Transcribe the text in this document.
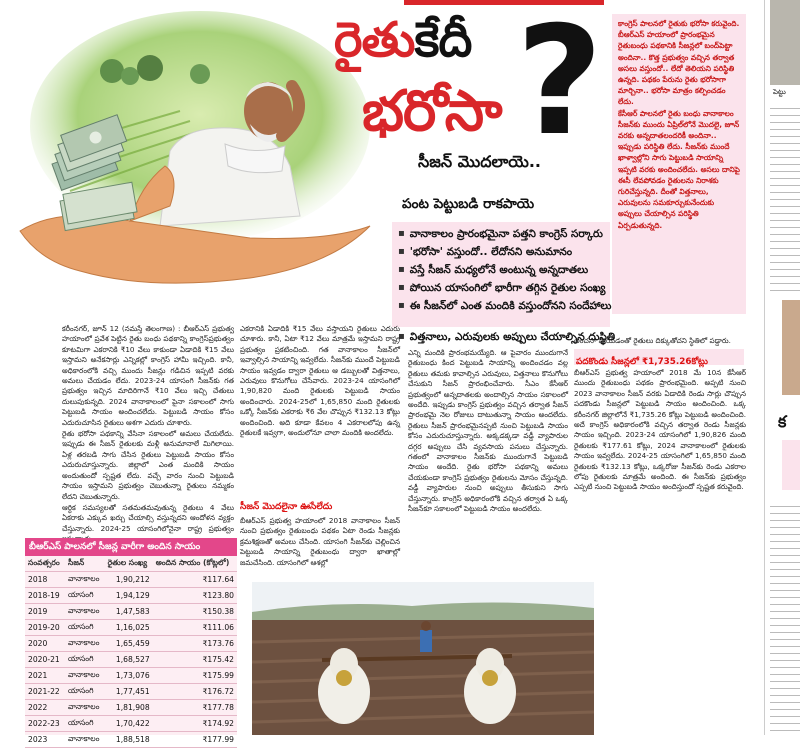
రైతుకేదీ
భరోసా ?
సీజన్ మొదలాయె..
పంట పెట్టుబడి రాకపాయె
▪ వానాకాలం ప్రారంభమైనా పత్తని కాంగ్రెస్ సర్కారు
▪ 'భరోసా' వస్తుందో.. లేదోనని అనుమానం
▪ వస్తే సీజన్ మధ్యలోనే అంటున్న అన్నదాతలు
▪ పోయిన యాసంగిలో భారీగా తగ్గిన రైతుల సంఖ్య
▪ ఈ సీజన్‌లో ఎంత మందికి వస్తుందోనని సందేహాలు
▪ విత్తనాలు, ఎరువులకు అప్పులు చేయాల్సిన దుస్థితి

కాంగ్రెస్ పాలనలో రైతుకు భరోసా కరువైంది. బీఆర్ఎస్ హయాంలో ప్రారంభమైన రైతుబంధు పథకానికి సీజన్లలో బంద్‌పెట్టా అందినా.. కొత్త ప్రభుత్వం వచ్చిన తర్వాత అసలు వస్తుందో.. లేదో తెలియని పరిస్థితి ఉన్నది. పథకం పేరును రైతు భరోసాగా మార్చినా.. భరోసా మాత్రం కల్పించడం లేదు.

కేసీఆర్ పాలనలో రైతు బంధు వానాకాలం సీజన్‌కు ముందు ఏప్రిల్‌లోనే మొదలై, జూన్ వరకు అన్నదాతలందరికీ అందినా.. ఇప్పుడు పరిస్థితి లేదు. సీజన్‌కు ముందే ఖాళ్వాల్లోని సాగు పెట్టుబడి సాయాన్ని ఇప్పటి వరకు అందించలేదు. అసలు దానిపై ఈసీ లేవపోవడం రైతులను నిరాశకు గురిచేస్తున్నది. దీంతో విత్తనాలు, ఎరువులను సమకూర్చుకునేందుకు అప్పులు చేయాల్సిన పరిస్థితి ఏర్పడుతున్నది.

కరీంనగర్, జూన్ 12 (నమస్తే తెలంగాణ) : బీఆర్ఎస్ ప్రభుత్వ హయాంలో ప్రవేశ పెట్టిన రైతు బంధు పథకాన్ని కాంగ్రెస్‌ప్రభుత్వం కూటమిగా ఎకరానికి ₹10 వేలు కాకుండా ఏడాదికి ₹15 వేలు ఇస్తామని అనేకసార్లు ఎన్నికల్లో కాంగ్రెస్ హామీ ఇచ్చింది. కానీ, అధికారంలోకి వచ్చి ముందు సీజన్లు గడిచిన ఇప్పటి వరకు అమలు చేయడం లేదు. 2023-24 యాసంగి సీజన్‌కు గత ప్రభుత్వం ఇచ్చిన మాదిరిగానే ₹10 వేలు ఇచ్చి చేతులు దులుపుకున్నది. 2024 వానాకాలంలో పైనా సకాలంలో సాగు పెట్టుబడి సాయం అందించలేదు. పెట్టుబడి సాయం కోసం ఎదురుచూసిన రైతులు ఆశగా ఎదురు చూశారు.

రైతు భరోసా పథకాన్ని వేసినా సకాలంలో అమలు చేయలేదు. ఇప్పుడు ఈ సీజన్ రైతులకు మళ్లీ అనుమానాలే మిగిలాయి. ఏళ్ల తరబడి సాగు చేసిన రైతులు పెట్టుబడి సాయం కోసం ఎదురుచూస్తున్నారు. జిల్లాలో ఎంత మందికి సాయం అందుతుందో స్పష్టత లేదు. వచ్చే వారం నుంచి పెట్టుబడి సాయం ఇస్తామని ప్రభుత్వం చెబుతున్నా రైతులు నమ్మకం లేదని చెబుతున్నారు.

ఆర్థిక సమస్యలతో సతమతమవుతున్న రైతులు 4 వేలు ఏకరాకు ఎక్కువ ఖర్చు చేయాల్సి వస్తున్నదని ఆందోళన వ్యక్తం చేస్తున్నారు. 2024-25 యాసంగిలోనైనా రాష్ట్ర ప్రభుత్వం

ఎకరానికి ఏడాదికి ₹15 వేలు వస్తాయని రైతులు ఎదురు చూశారు. కానీ, ఏటా ₹12 వేలు మాత్రమే ఇస్తామని రాష్ట్ర ప్రభుత్వం ప్రకటించింది. గత వానాకాలం సీజన్‌లో ఇవ్వాల్సిన సాయాన్ని ఇవ్వలేదు. సీజన్‌కు ముందే పెట్టుబడి సాయం ఇవ్వడం ద్వారా రైతులు ఆ డబ్బులతో విత్తనాలు, ఎరువులు కొనుగోలు చేసేవారు. 2023-24 యాసంగిలో 1,90,820 మంది రైతులకు పెట్టుబడి సాయం అందించారు. 2024-25లో 1,65,850 మంది రైతులకు ఒక్కో సీజన్‌కు ఎకరాకు ₹6 వేల చొప్పున ₹132.13 కోట్లు అందించింది. అది కూడా కేవలం 4 ఎకరాలలోపు ఉన్న రైతులకే ఇవ్వగా, అందులోనూ చాలా మందికి అందలేదు.

సీజన్ మొదలైనా ఊసేలేదు

బీఆర్ఎస్ ప్రభుత్వ హయాంలో 2018 వానాకాలం సీజన్ నుంచి ప్రభుత్వం రైతుబంధు పథకం ఏటా రెండు సీజన్లకు క్రమశిక్షణతో అమలు చేసింది. యాసంగి సీజన్‌కు చెల్లించిన పెట్టుబడి సాయాన్ని రైతుబంధు ద్వారా ఖాతాల్లో జమచేసింది. యాసంగిలో ఆశల్లో

ఎన్ని మందికి ప్రారంభమయ్యేది. ఆ పైవారం ముందుగానే రైతుబంధు కింద పెట్టుబడి సాయాన్ని అందించడం వల్ల రైతులు తమకు కావాల్సిన ఎరువులు, విత్తనాలు కొనుగోలు చేసుకుని సీజన్ ప్రారంభించేవారు. సీఎం కేసీఆర్ ప్రభుత్వంలో అన్నదాతలకు అందాల్సిన సాయం సకాలంలో అందేది. ఇప్పుడు కాంగ్రెస్ ప్రభుత్వం వచ్చిన తర్వాత సీజన్ ప్రారంభమై నెల రోజులు దాటుతున్నా సాయం అందలేదు. రైతులు సీజన్ ప్రారంభమైనప్పటి నుంచి పెట్టుబడి సాయం కోసం ఎదురుచూస్తున్నారు. అక్కడక్కడా వడ్డీ వ్యాపారుల దగ్గర అప్పులు చేసి వ్యవసాయ పనులు చేస్తున్నారు. గతంలో వానాకాలం సీజన్‌కు ముందుగానే పెట్టుబడి సాయం అందేది. రైతు భరోసా పథకాన్ని అమలు చేయకుండా కాంగ్రెస్ ప్రభుత్వం రైతులను మోసం చేస్తున్నది. వడ్డీ వ్యాపారుల నుంచి అప్పులు తీసుకుని సాగు చేస్తున్నారు. కాంగ్రెస్ అధికారంలోకి వచ్చిన తర్వాత ఏ ఒక్క సీజన్‌కూ సకాలంలో పెట్టుబడి సాయం అందలేదు.

అంచనా పోయడంతో రైతులు దిక్కుతోచని స్థితిలో పడ్డారు.

పదకొండు సీజన్లలో ₹1,735.26కోట్లు

బీఆర్ఎస్ ప్రభుత్వ హయాంలో 2018 మే 10న కేసీఆర్ ముందు రైతుబంధు పథకం ప్రారంభమైంది. అప్పటి నుంచి 2023 వానాకాలం సీజన్ వరకు ఏడాదికి రెండు సార్లు చొప్పున పదకొండు సీజన్లలో పెట్టుబడి సాయం అందించింది. ఒక్క కరీంనగర్ జిల్లాలోనే ₹1,735.26 కోట్లు పెట్టుబడి అందించింది. అదే కాంగ్రెస్ అధికారంలోకి వచ్చిన తర్వాత రెండు సీజన్లకు సాయం ఇచ్చింది. 2023-24 యాసంగిలో 1,90,826 మంది రైతులకు ₹177.61 కోట్లు, 2024 వానాకాలంలో రైతులకు సాయం ఇవ్వలేదు. 2024-25 యాసంగిలో 1,65,850 మంది రైతులకు ₹132.13 కోట్లు, ఒక్కరోజు సీజన్‌కు రెండు ఎకరాల లోపు రైతులకు మాత్రమే అందింది. ఈ సీజన్‌కు ప్రభుత్వం ఎప్పటి నుంచి పెట్టుబడి సాయం అందిస్తుందో స్పష్టత కరువైంది.

బీఆర్ఎస్ పాలనలో సీజన్ల వారీగా అందిన సాయం
సంవత్సరం	సీజన్	రైతుల సంఖ్య	అందిన సాయం (కోట్లలో)
2018	వానాకాలం	1,90,212	₹117.64
2018-19	యాసంగి	1,94,129	₹123.80
2019	వానాకాలం	1,47,583	₹150.38
2019-20	యాసంగి	1,16,025	₹111.06
2020	వానాకాలం	1,65,459	₹173.76
2020-21	యాసంగి	1,68,527	₹175.42
2021	వానాకాలం	1,73,076	₹175.99
2021-22	యాసంగి	1,77,451	₹176.72
2022	వానాకాలం	1,81,908	₹177.78
2022-23	యాసంగి	1,70,422	₹174.92
2023	వానాకాలం	1,88,518	₹177.99
పెట్టు
క
